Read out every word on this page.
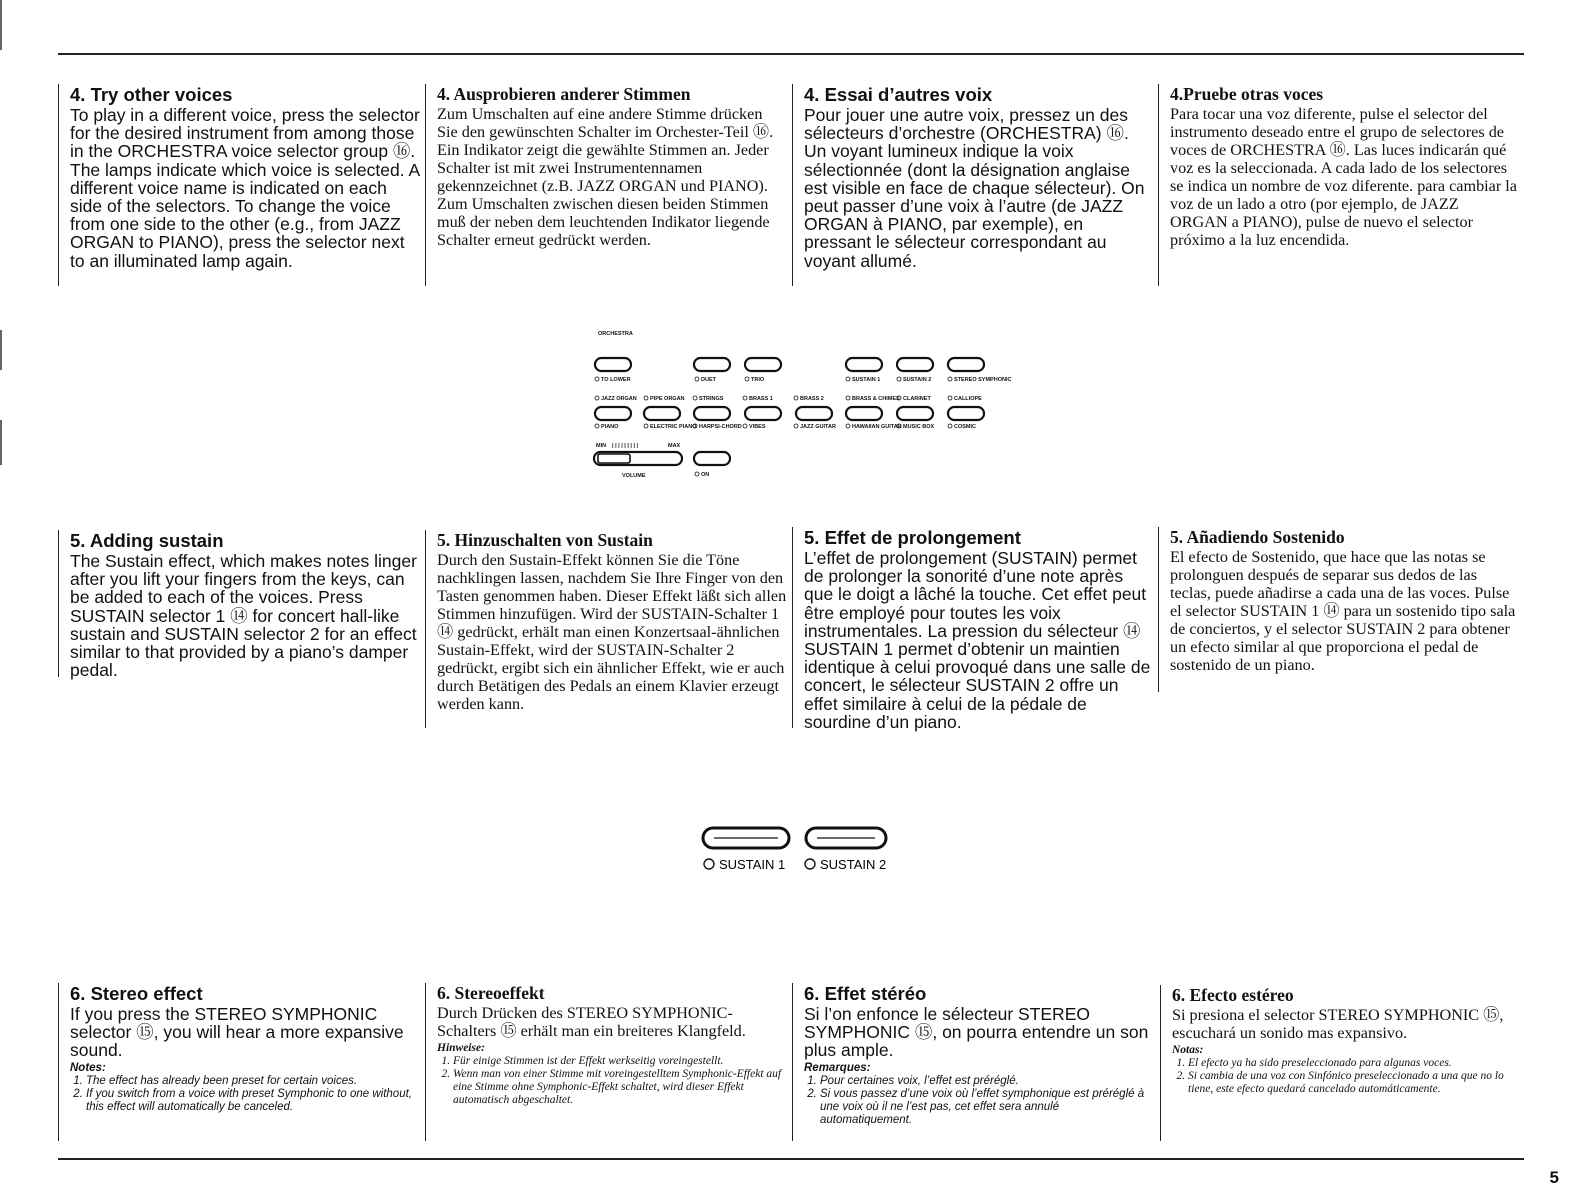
4. Try other voices

To play in a different voice, press the selector for the desired instrument from among those in the ORCHESTRA voice selector group ⑯. The lamps indicate which voice is selected. A different voice name is indicated on each side of the selectors. To change the voice from one side to the other (e.g., from JAZZ ORGAN to PIANO), press the selector next to an illuminated lamp again.

4. Ausprobieren anderer Stimmen

Zum Umschalten auf eine andere Stimme drücken Sie den gewünschten Schalter im Orchester-Teil ⑯. Ein Indikator zeigt die gewählte Stimmen an. Jeder Schalter ist mit zwei Instrumentennamen gekennzeichnet (z.B. JAZZ ORGAN und PIANO). Zum Umschalten zwischen diesen beiden Stimmen muß der neben dem leuchtenden Indikator liegende Schalter erneut gedrückt werden.

4. Essai d’autres voix

Pour jouer une autre voix, pressez un des sélecteurs d’orchestre (ORCHESTRA) ⑯. Un voyant lumineux indique la voix sélectionnée (dont la désignation anglaise est visible en face de chaque sélecteur). On peut passer d’une voix à l’autre (de JAZZ ORGAN à PIANO, par exemple), en pressant le sélecteur correspondant au voyant allumé.

4.Pruebe otras voces

Para tocar una voz diferente, pulse el selector del instrumento deseado entre el grupo de selectores de voces de ORCHESTRA ⑯. Las luces indicarán qué voz es la seleccionada. A cada lado de los selectores se indica un nombre de voz diferente. para cambiar la voz de un lado a otro (por ejemplo, de JAZZ ORGAN a PIANO), pulse de nuevo el selector próximo a la luz encendida.

ORCHESTRA
TO LOWER	DUET	TRIO	SUSTAIN 1	SUSTAIN 2	STEREO SYMPHONIC
JAZZ ORGAN PIPE ORGAN	STRINGS	BRASS 1	BRASS 2	BRASS & CHIMES CLARINET	CALLIOPE
PIANO	ELECTRIC PIANO HARPSI-CHORD VIBES	JAZZ GUITAR	HAWAIIAN GUITAR MUSIC BOX	COSMIC
MIN | | | | | | | | |	MAX
VOLUME	ON
5. Adding sustain

The Sustain effect, which makes notes linger after you lift your fingers from the keys, can be added to each of the voices. Press SUSTAIN selector 1 ⑭ for concert hall-like sustain and SUSTAIN selector 2 for an effect similar to that provided by a piano’s damper pedal.

5. Hinzuschalten von Sustain

Durch den Sustain-Effekt können Sie die Töne nachklingen lassen, nachdem Sie Ihre Finger von den Tasten genommen haben. Dieser Effekt läßt sich allen Stimmen hinzufügen. Wird der SUSTAIN-Schalter 1 ⑭ gedrückt, erhält man einen Konzertsaal-ähnlichen Sustain-Effekt, wird der SUSTAIN-Schalter 2 gedrückt, ergibt sich ein ähnlicher Effekt, wie er auch durch Betätigen des Pedals an einem Klavier erzeugt werden kann.

5. Effet de prolongement

L’effet de prolongement (SUSTAIN) permet de prolonger la sonorité d’une note après que le doigt a lâché la touche. Cet effet peut être employé pour toutes les voix instrumentales. La pression du sélecteur ⑭ SUSTAIN 1 permet d’obtenir un maintien identique à celui provoqué dans une salle de concert, le sélecteur SUSTAIN 2 offre un effet similaire à celui de la pédale de sourdine d’un piano.

5. Añadiendo Sostenido

El efecto de Sostenido, que hace que las notas se prolonguen después de separar sus dedos de las teclas, puede añadirse a cada una de las voces. Pulse el selector SUSTAIN 1 ⑭ para un sostenido tipo sala de conciertos, y el selector SUSTAIN 2 para obtener un efecto similar al que proporciona el pedal de sostenido de un piano.

SUSTAIN 1	SUSTAIN 2
6. Stereo effect

If you press the STEREO SYMPHONIC selector ⑮, you will hear a more expansive sound.

Notes:
1. The effect has already been preset for certain voices.
2. If you switch from a voice with preset Symphonic to one without, this effect will automatically be canceled.
6. Stereoeffekt

Durch Drücken des STEREO SYMPHONIC-Schalters ⑮ erhält man ein breiteres Klangfeld.

Hinweise:
1. Für einige Stimmen ist der Effekt werkseitig voreingestellt.
2. Wenn man von einer Stimme mit voreingestelltem Symphonic-Effekt auf eine Stimme ohne Symphonic-Effekt schaltet, wird dieser Effekt automatisch abgeschaltet.
6. Effet stéréo

Si l’on enfonce le sélecteur STEREO SYMPHONIC ⑮, on pourra entendre un son plus ample.

Remarques:
1. Pour certaines voix, l’effet est préréglé.
2. Si vous passez d’une voix où l’effet symphonique est préréglé à une voix où il ne l’est pas, cet effet sera annulé automatiquement.
6. Efecto estéreo

Si presiona el selector STEREO SYMPHONIC ⑮, escuchará un sonido mas expansivo.

Notas:
1. El efecto ya ha sido preseleccionado para algunas voces.
2. Si cambia de una voz con Sinfónico preseleccionado a una que no lo tiene, este efecto quedará cancelado automáticamente.
5
